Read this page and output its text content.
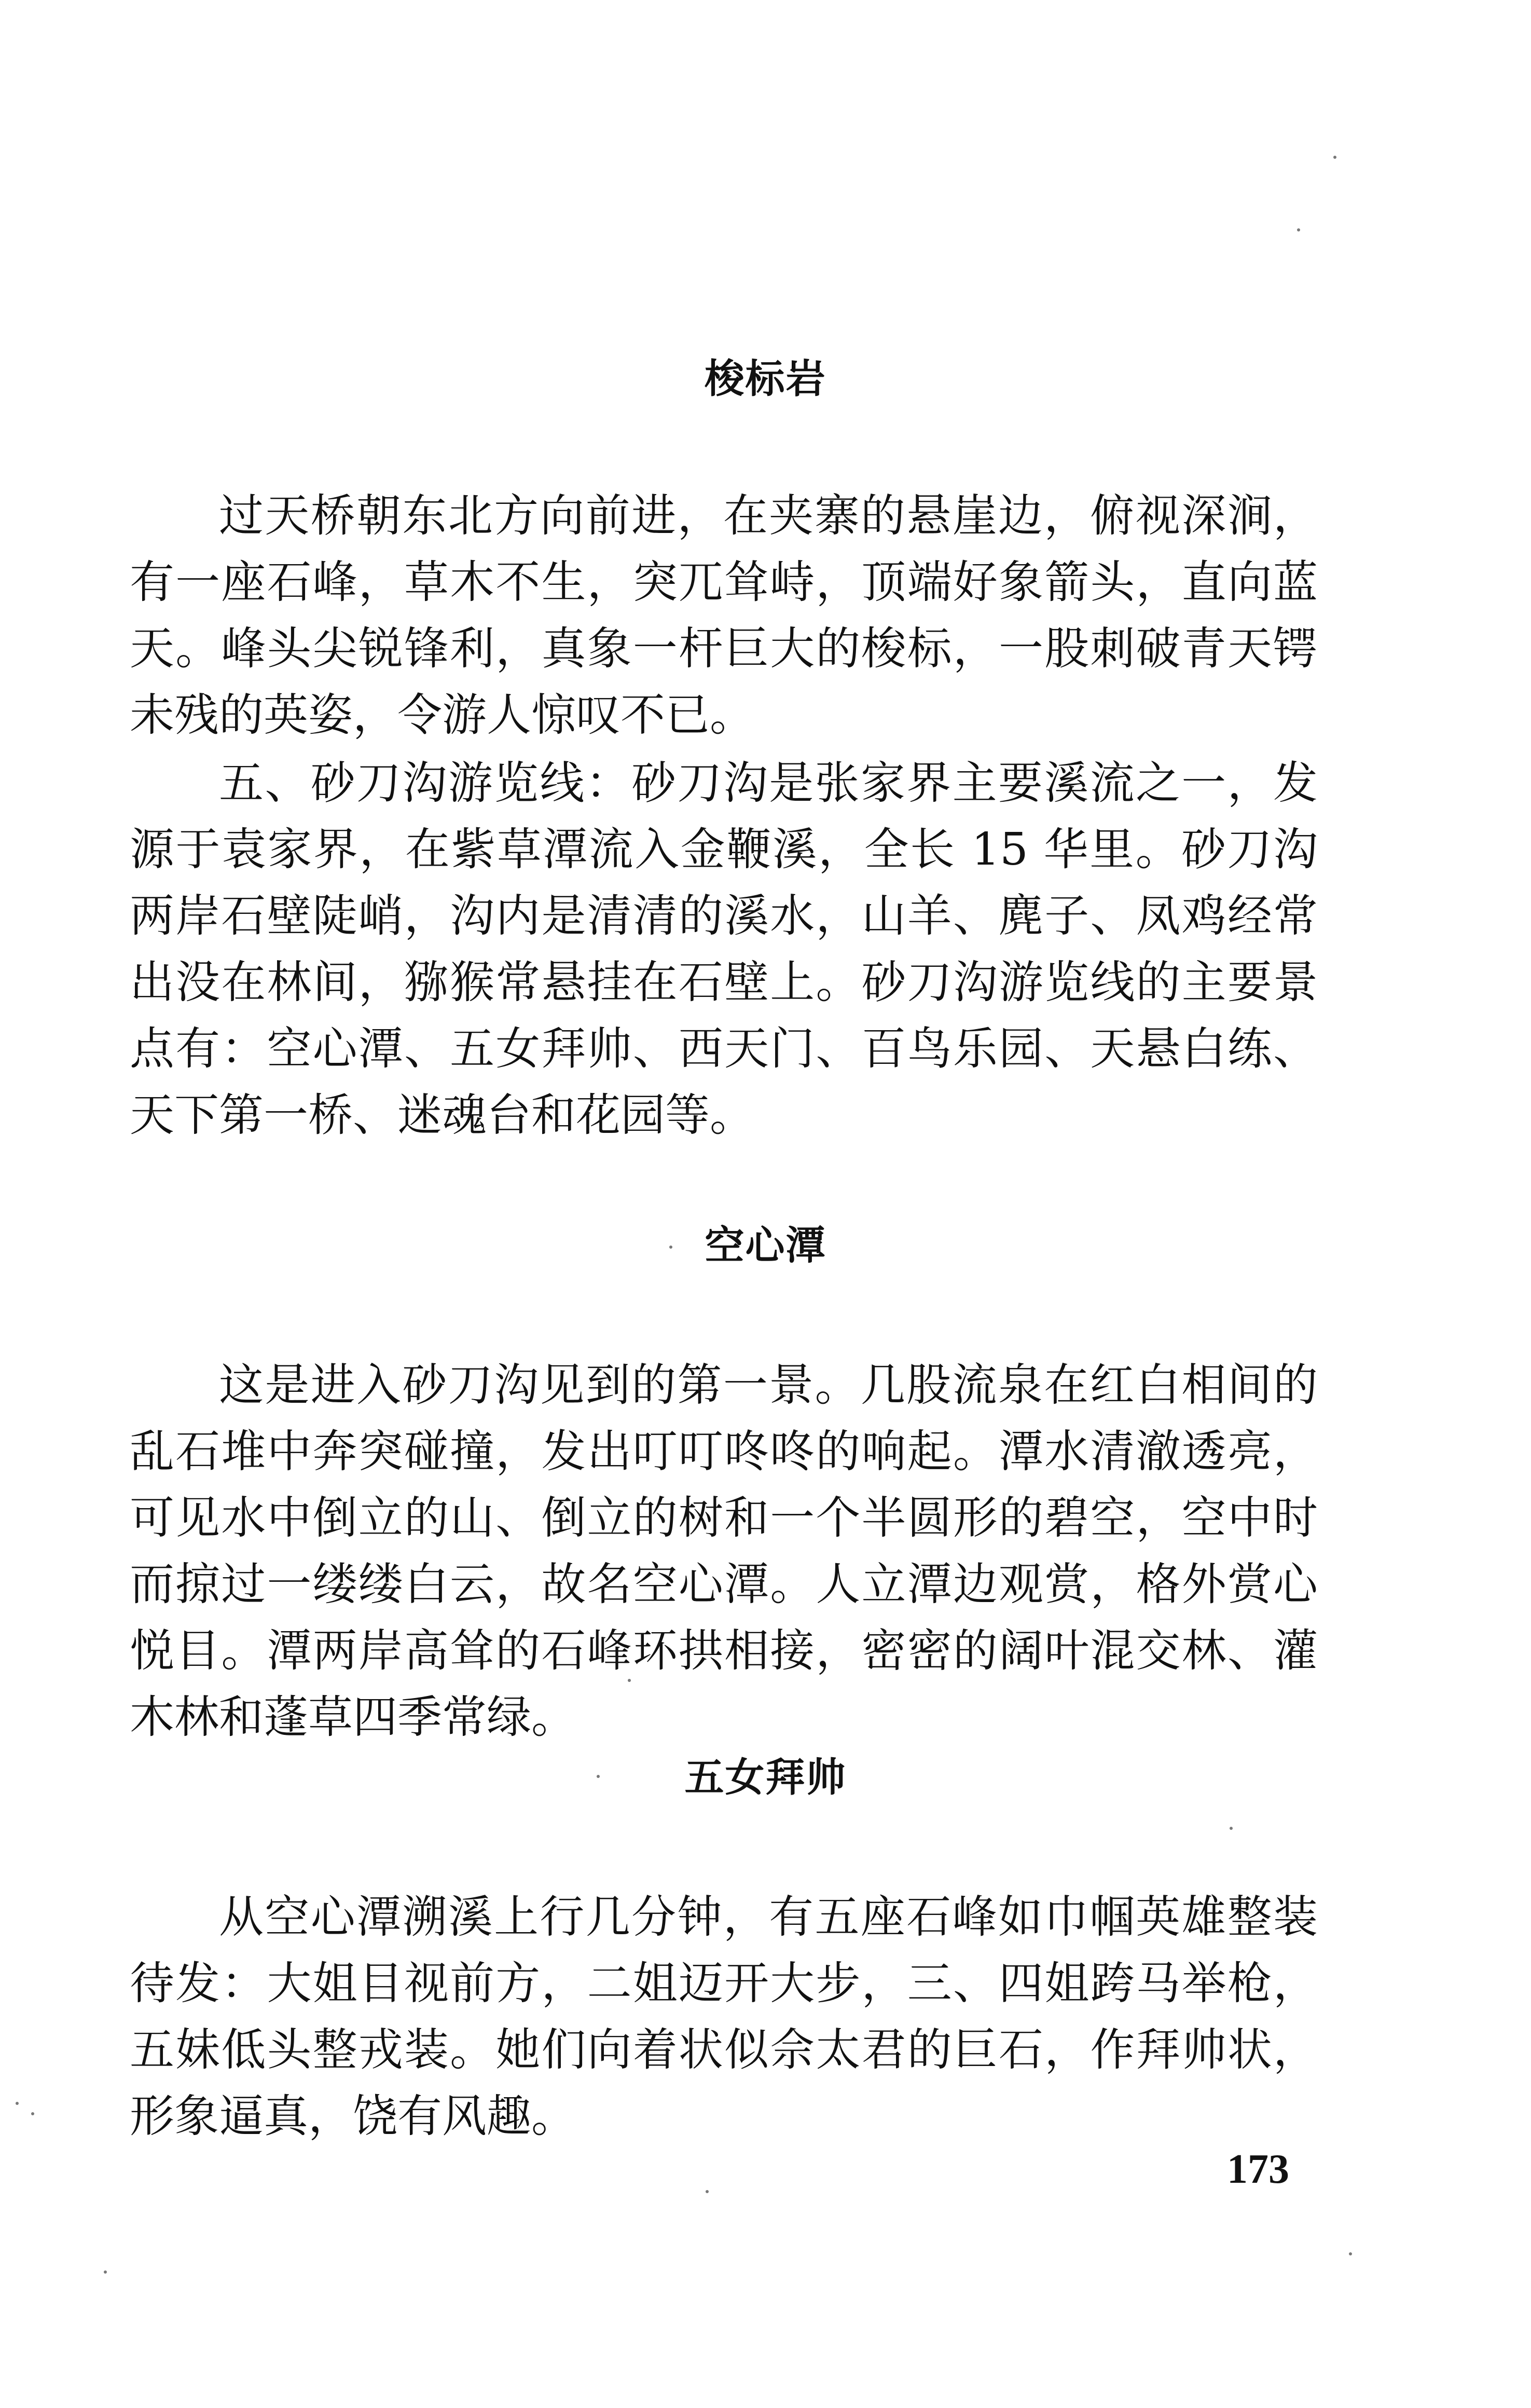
梭标岩

过天桥朝东北方向前进，在夹寨的悬崖边，俯视深涧，有一座石峰，草木不生，突兀耸峙，顶端好象箭头，直向蓝天。峰头尖锐锋利，真象一杆巨大的梭标，一股刺破青天锷未残的英姿，令游人惊叹不已。

五、砂刀沟游览线：砂刀沟是张家界主要溪流之一，发源于袁家界，在紫草潭流入金鞭溪，全长 15 华里。砂刀沟两岸石壁陡峭，沟内是清清的溪水，山羊、麂子、凤鸡经常出没在林间，猕猴常悬挂在石壁上。砂刀沟游览线的主要景点有：空心潭、五女拜帅、西天门、百鸟乐园、天悬白练、天下第一桥、迷魂台和花园等。

空心潭

这是进入砂刀沟见到的第一景。几股流泉在红白相间的乱石堆中奔突碰撞，发出叮叮咚咚的响起。潭水清澈透亮，可见水中倒立的山、倒立的树和一个半圆形的碧空，空中时而掠过一缕缕白云，故名空心潭。人立潭边观赏，格外赏心悦目。潭两岸高耸的石峰环拱相接，密密的阔叶混交林、灌木林和蓬草四季常绿。

五女拜帅

从空心潭溯溪上行几分钟，有五座石峰如巾帼英雄整装待发：大姐目视前方，二姐迈开大步，三、四姐跨马举枪，五妹低头整戎装。她们向着状似佘太君的巨石，作拜帅状，形象逼真，饶有风趣。

173
